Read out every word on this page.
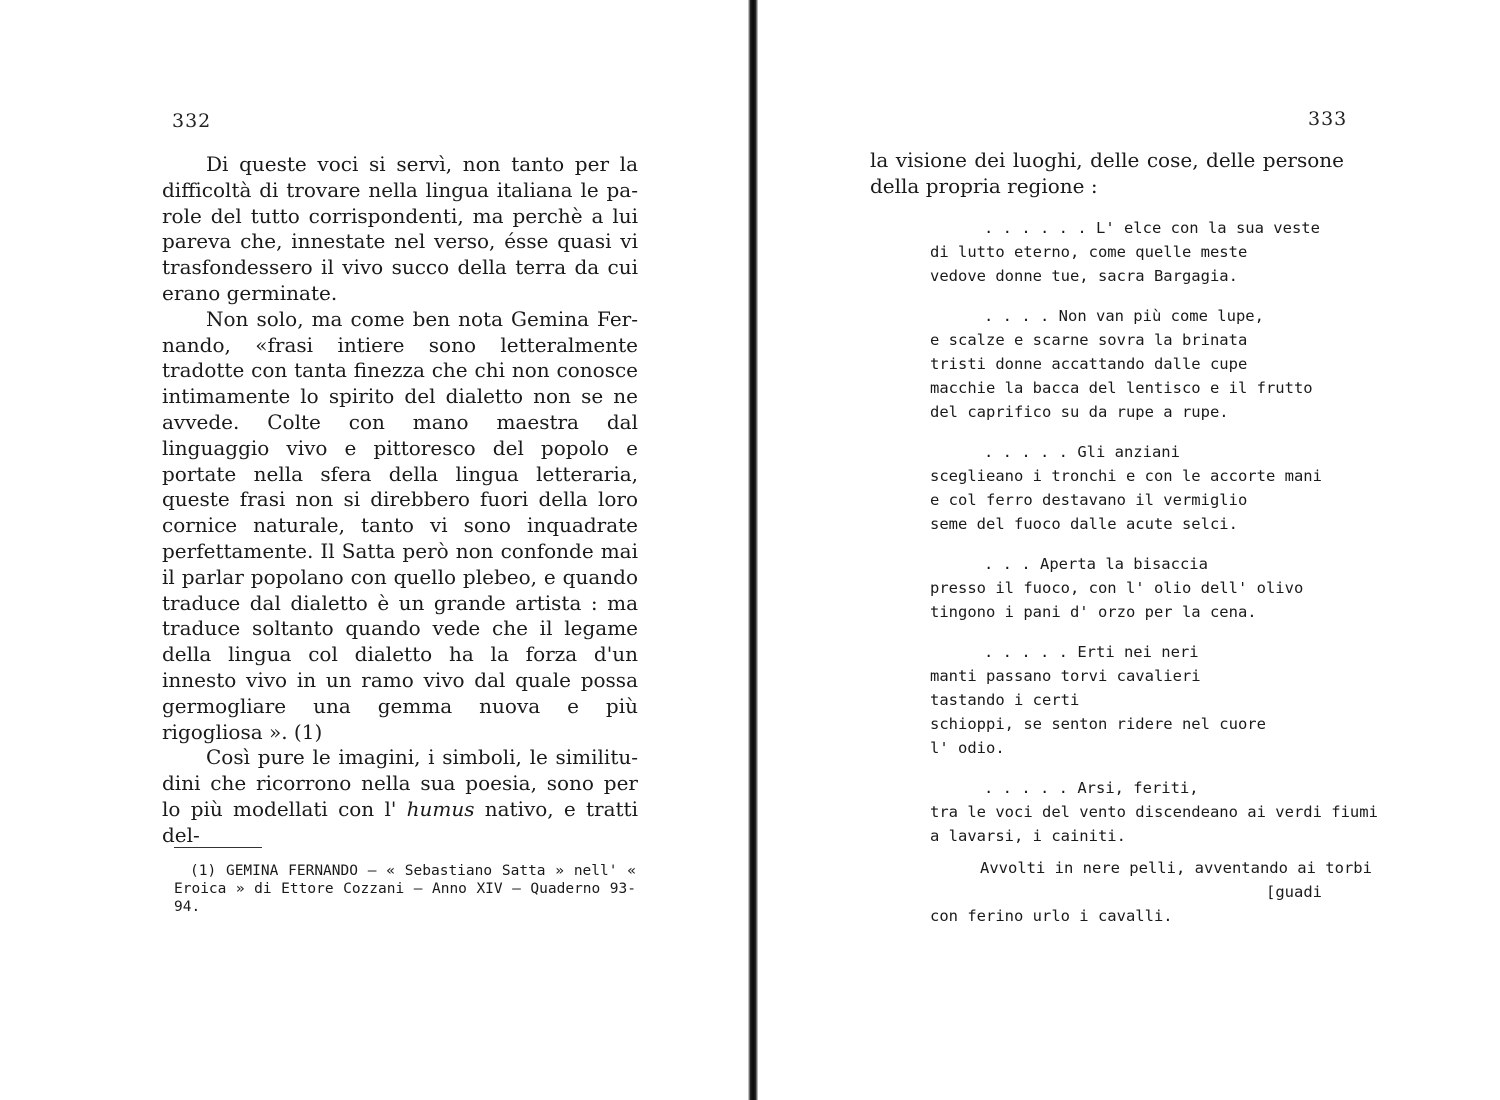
332

Di queste voci si servì, non tanto per la difficoltà di trovare nella lingua italiana le parole del tutto corrispondenti, ma perchè a lui pareva che, innestate nel verso, ésse quasi vi trasfondessero il vivo succo della terra da cui erano germinate.

Non solo, ma come ben nota Gemina Fernando, «frasi intiere sono letteralmente tradotte con tanta finezza che chi non conosce intimamente lo spirito del dialetto non se ne avvede. Colte con mano maestra dal linguaggio vivo e pittoresco del popolo e portate nella sfera della lingua letteraria, queste frasi non si direbbero fuori della loro cornice naturale, tanto vi sono inquadrate perfettamente. Il Satta però non confonde mai il parlar popolano con quello plebeo, e quando traduce dal dialetto è un grande artista : ma traduce soltanto quando vede che il legame della lingua col dialetto ha la forza d'un innesto vivo in un ramo vivo dal quale possa germogliare una gemma nuova e più rigogliosa ». (1)

Così pure le imagini, i simboli, le similitudini che ricorrono nella sua poesia, sono per lo più modellati con l' humus nativo, e tratti del-

(1) GEMINA FERNANDO – « Sebastiano Satta » nell' « Eroica » di Ettore Cozzani – Anno XIV – Quaderno 93-94.

333

la visione dei luoghi, delle cose, delle persone della propria regione :

. . . . . . L' elce con la sua veste
di lutto eterno, come quelle meste
vedove donne tue, sacra Bargagia.
. . . . Non van più come lupe,
e scalze e scarne sovra la brinata
tristi donne accattando dalle cupe
macchie la bacca del lentisco e il frutto
del caprifico su da rupe a rupe.
. . . . . Gli anziani
sceglieano i tronchi e con le accorte mani
e col ferro destavano il vermiglio
seme del fuoco dalle acute selci.
. . . Aperta la bisaccia
presso il fuoco, con l' olio dell' olivo
tingono i pani d' orzo per la cena.
. . . . . Erti nei neri
manti passano torvi cavalieri
tastando i certi
schioppi, se senton ridere nel cuore
l' odio.
. . . . . Arsi, feriti,
tra le voci del vento discendeano ai verdi fiumi
a lavarsi, i cainiti.
Avvolti in nere pelli, avventando ai torbi
[guadi
con ferino urlo i cavalli.
